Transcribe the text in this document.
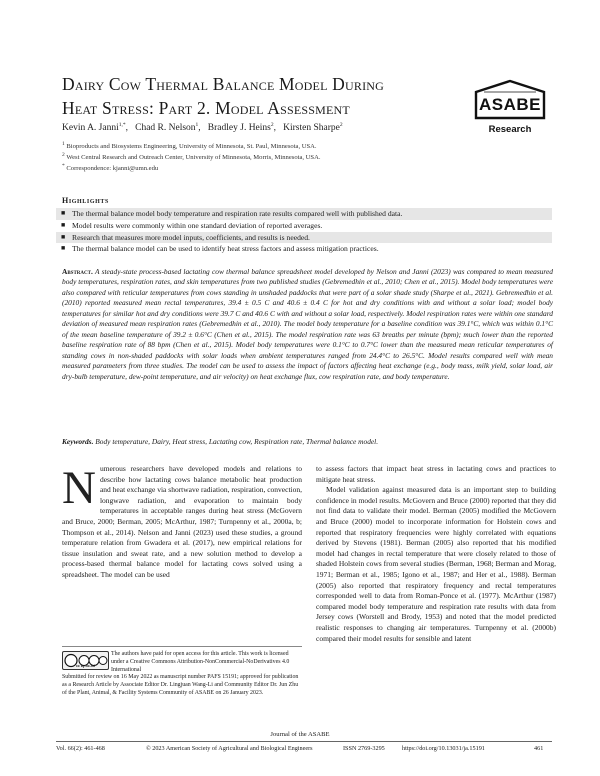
Dairy Cow Thermal Balance Model During
Heat Stress: Part 2. Model Assessment	ASABE
Research
Kevin A. Janni$^{1,*}$, Chad R. Nelson$^1$, Bradley J. Heins$^2$, Kirsten Sharpe$^2$
$^1$ Bioproducts and Biosystems Engineering, University of Minnesota, St. Paul, Minnesota, USA.
$^2$ West Central Research and Outreach Center, University of Minnesota, Morris, Minnesota, USA.
* Correspondence: kjanni@umn.edu
Highlights
■ The thermal balance model body temperature and respiration rate results compared well with published data.
■ Model results were commonly within one standard deviation of reported averages.
■ Research that measures more model inputs, coefficients, and results is needed.
■ The thermal balance model can be used to identify heat stress factors and assess mitigation practices.
Abstract. A steady-state process-based lactating cow thermal balance spreadsheet model developed by Nelson and Janni (2023) was compared to mean measured body temperatures, respiration rates, and skin temperatures from two published studies (Gebremedhin et al., 2010; Chen et al., 2015). Model body temperatures were also compared with reticular temperatures from cows standing in unshaded paddocks that were part of a solar shade study (Sharpe et al., 2021). Gebremedhin et al. (2010) reported measured mean rectal temperatures, 39.4 ± 0.5 C and 40.6 ± 0.4 C for hot and dry conditions with and without a solar load; model body temperatures for similar hot and dry conditions were 39.7 C and 40.6 C with and without a solar load, respectively. Model respiration rates were within one standard deviation of measured mean respiration rates (Gebremedhin et al., 2010). The model body temperature for a baseline condition was 39.1°C, which was within 0.1°C of the mean baseline temperature of 39.2 ± 0.6°C (Chen et al., 2015). The model respiration rate was 63 breaths per minute (bpm); much lower than the reported baseline respiration rate of 88 bpm (Chen et al., 2015). Model body temperatures were 0.1°C to 0.7°C lower than the measured mean reticular temperatures of standing cows in non-shaded paddocks with solar loads when ambient temperatures ranged from 24.4°C to 26.5°C. Model results compared well with mean measured parameters from three studies. The model can be used to assess the impact of factors affecting heat exchange (e.g., body mass, milk yield, solar load, air dry-bulb temperature, dew-point temperature, and air velocity) on heat exchange flux, cow respiration rate, and body temperature.
Keywords. Body temperature, Dairy, Heat stress, Lactating cow, Respiration rate, Thermal balance model.
N umerous researchers have developed models and relations to describe how lactating cows balance metabolic heat production and heat exchange via shortwave radiation, respiration, convection, longwave radiation, and evaporation to maintain body temperatures in acceptable ranges during heat stress (McGovern and Bruce, 2000; Berman, 2005; McArthur, 1987; Turnpenny et al., 2000a, b; Thompson et al., 2014). Nelson and Janni (2023) used these studies, a ground temperature relation from Gwadera et al. (2017), new empirical relations for tissue insulation and sweat rate, and a new solution method to develop a process-based thermal balance model for lactating cows solved using a spreadsheet. The model can be used
to assess factors that impact heat stress in lactating cows and practices to mitigate heat stress.
Model validation against measured data is an important step to building confidence in model results. McGovern and Bruce (2000) reported that they did not find data to validate their model. Berman (2005) modified the McGovern and Bruce (2000) model to incorporate information for Holstein cows and reported that respiratory frequencies were highly correlated with equations derived by Stevens (1981). Berman (2005) also reported that his modified model had changes in rectal temperature that were closely related to those of shaded Holstein cows from several studies (Berman, 1968; Berman and Morag, 1971; Berman et al., 1985; Igono et al., 1987; and Her et al., 1988). Berman (2005) also reported that respiratory frequency and rectal temperatures corresponded well to data from Roman-Ponce et al. (1977). McArthur (1987) compared model body temperature and respiration rate results with data from Jersey cows (Worstell and Brody, 1953) and noted that the model predicted realistic responses to changing air temperatures. Turnpenny et al. (2000b) compared their model results for sensible and latent
cc by-nc-nd
The authors have paid for open access for this article. This work is licensed under a Creative Commons Attribution-NonCommercial-NoDerivatives 4.0 International
Submitted for review on 16 May 2022 as manuscript number PAFS 15191; approved for publication as a Research Article by Associate Editor Dr. Lingjuan Wang-Li and Community Editor Dr. Jun Zhu of the Plant, Animal, & Facility Systems Community of ASABE on 26 January 2023.
Journal of the ASABE
Vol. 66(2): 461-468	© 2023 American Society of Agricultural and Biological Engineers	ISSN 2769-3295	https://doi.org/10.13031/ja.15191	461
